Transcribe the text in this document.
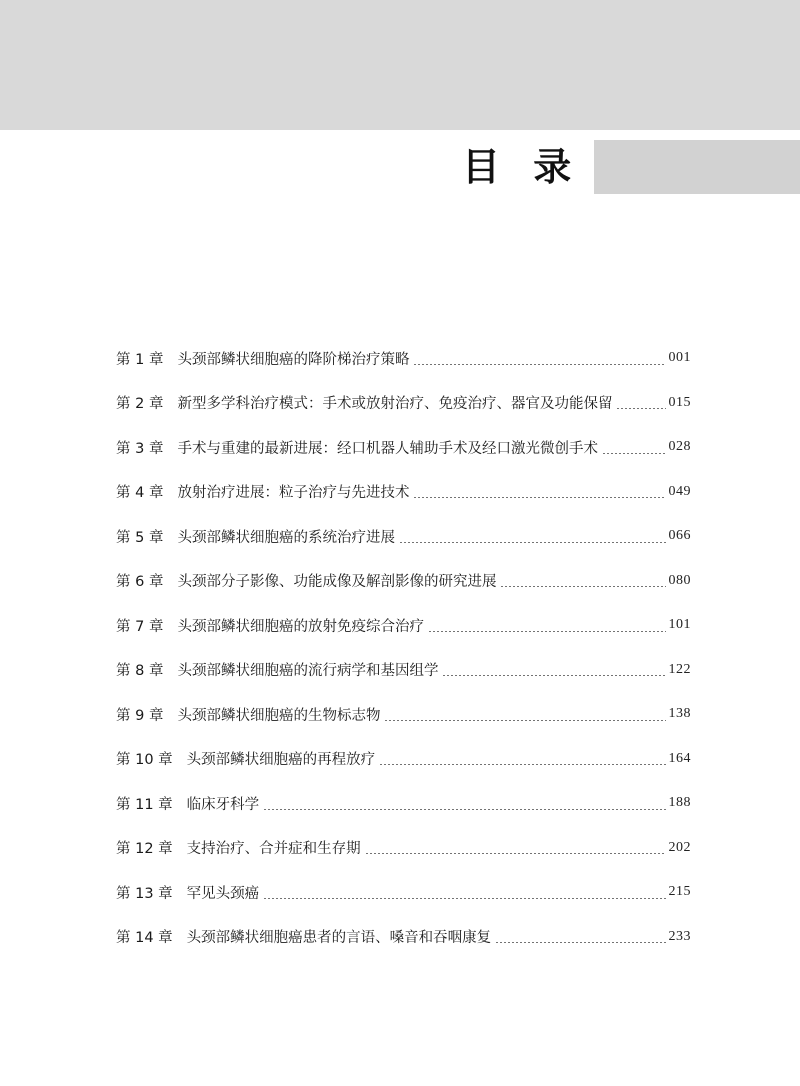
目 录
第 1 章 头颈部鳞状细胞癌的降阶梯治疗策略	001
第 2 章 新型多学科治疗模式：手术或放射治疗、免疫治疗、器官及功能保留	015
第 3 章 手术与重建的最新进展：经口机器人辅助手术及经口激光微创手术	028
第 4 章 放射治疗进展：粒子治疗与先进技术	049
第 5 章 头颈部鳞状细胞癌的系统治疗进展	066
第 6 章 头颈部分子影像、功能成像及解剖影像的研究进展	080
第 7 章 头颈部鳞状细胞癌的放射免疫综合治疗	101
第 8 章 头颈部鳞状细胞癌的流行病学和基因组学	122
第 9 章 头颈部鳞状细胞癌的生物标志物	138
第 10 章 头颈部鳞状细胞癌的再程放疗	164
第 11 章 临床牙科学	188
第 12 章 支持治疗、合并症和生存期	202
第 13 章 罕见头颈癌	215
第 14 章 头颈部鳞状细胞癌患者的言语、嗓音和吞咽康复	233
